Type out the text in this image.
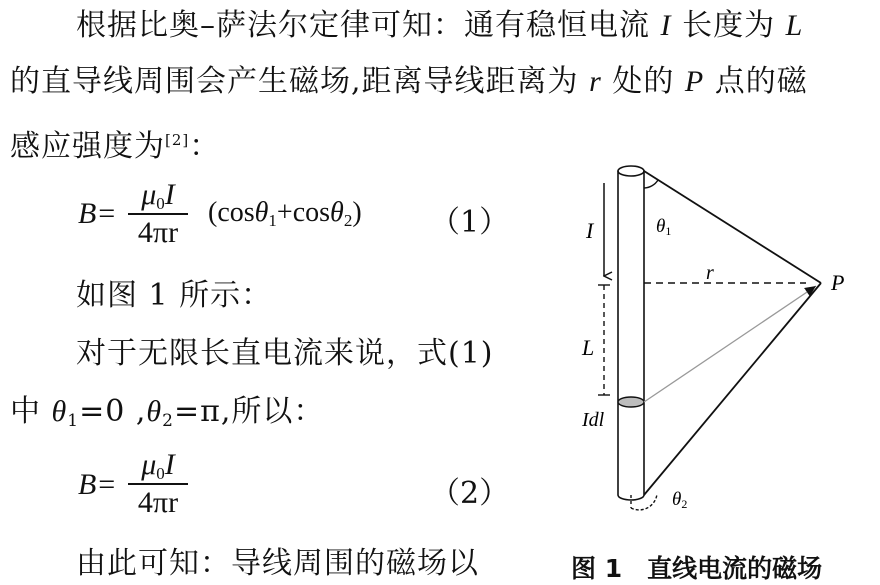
根据比奥–萨法尔定律可知：通有稳恒电流 I 长度为 L
的直导线周围会产生磁场,距离导线距离为 r 处的 P 点的磁
感应强度为[2]：
B=
$\mu_0I$
4πr
(cosθ$_1$+cosθ$_2$) （1）
如图 1 所示：
对于无限长直电流来说，式(1)
中 $\theta_1=0$ $,\theta_2=\pi$,所以：
B=
$\mu_0I$
4πr	（2）
由此可知：导线周围的磁场以
I
L
Idl
r	P
θ1
θ2
图 1　直线电流的磁场
